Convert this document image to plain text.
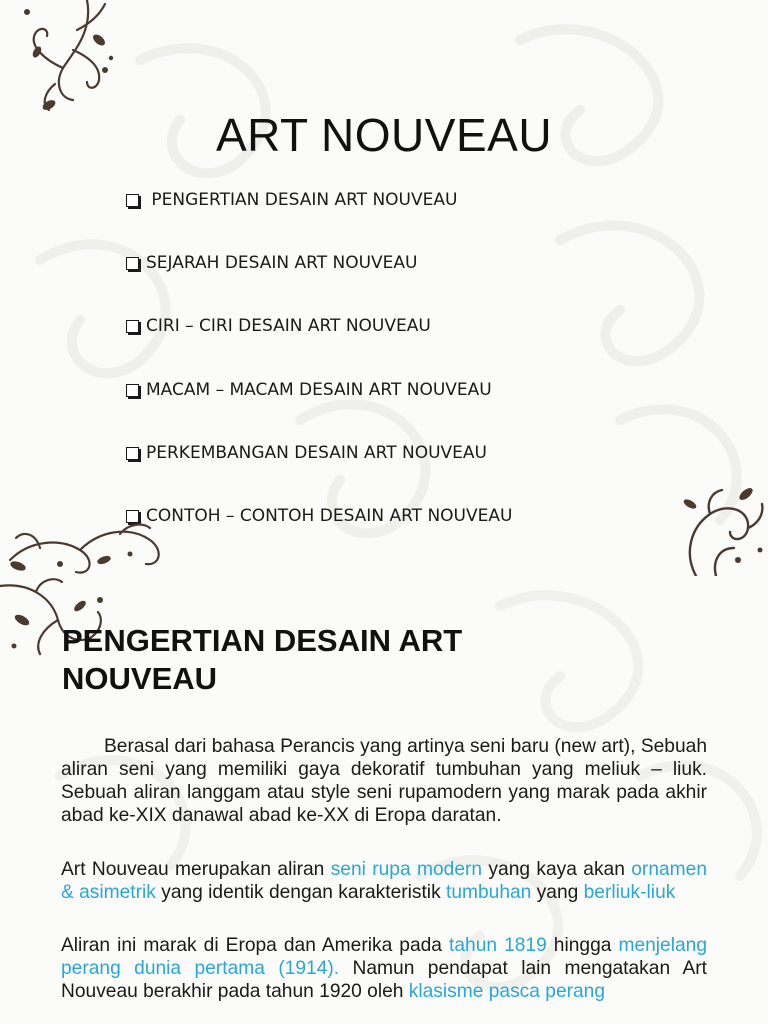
ART NOUVEAU
PENGERTIAN DESAIN ART NOUVEAU
SEJARAH DESAIN ART NOUVEAU
CIRI – CIRI DESAIN ART NOUVEAU
MACAM – MACAM DESAIN ART NOUVEAU
PERKEMBANGAN DESAIN ART NOUVEAU
CONTOH – CONTOH DESAIN ART NOUVEAU
PENGERTIAN DESAIN ART NOUVEAU

Berasal dari bahasa Perancis yang artinya seni baru (new art), Sebuah aliran seni yang memiliki gaya dekoratif tumbuhan yang meliuk – liuk. Sebuah aliran langgam atau style seni rupamodern yang marak pada akhir abad ke-XIX danawal abad ke-XX di Eropa daratan.

Art Nouveau merupakan aliran seni rupa modern yang kaya akan ornamen & asimetrik yang identik dengan karakteristik tumbuhan yang berliuk-liuk

Aliran ini marak di Eropa dan Amerika pada tahun 1819 hingga menjelang perang dunia pertama (1914). Namun pendapat lain mengatakan Art Nouveau berakhir pada tahun 1920 oleh klasisme pasca perang
